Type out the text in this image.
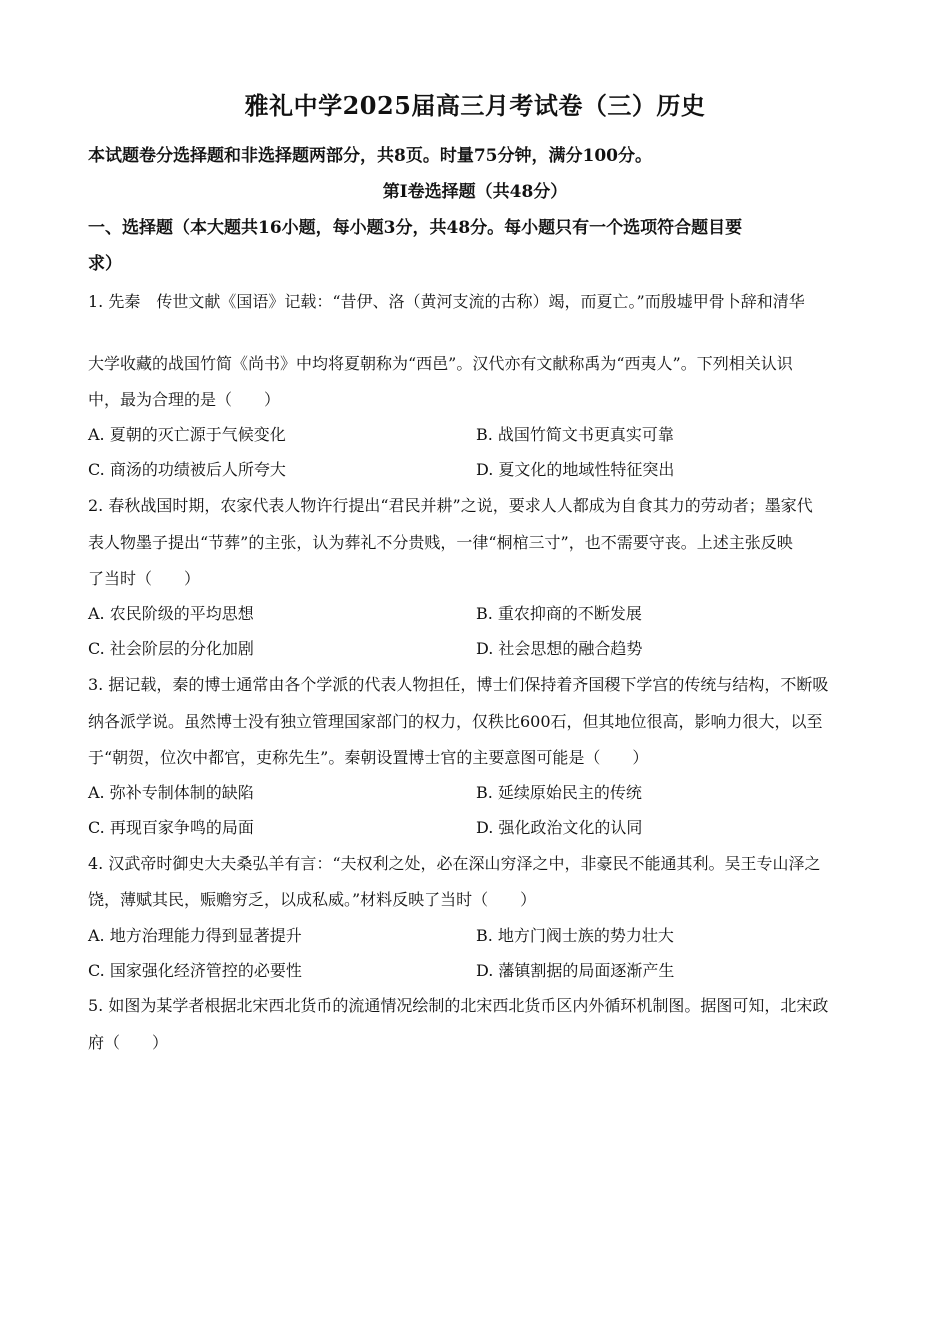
雅礼中学2025届高三月考试卷（三）历史
本试题卷分选择题和非选择题两部分，共8页。时量75分钟，满分100分。
第Ⅰ卷选择题（共48分）
一、选择题（本大题共16小题，每小题3分，共48分。每小题只有一个选项符合题目要
求）
1. 先秦　传世文献《国语》记载：“昔伊、洛（黄河支流的古称）竭，而夏亡。”而殷墟甲骨卜辞和清华
大学收藏的战国竹简《尚书》中均将夏朝称为“西邑”。汉代亦有文献称禹为“西夷人”。下列相关认识
中，最为合理的是（　　）
A. 夏朝的灭亡源于气候变化	B. 战国竹简文书更真实可靠
C. 商汤的功绩被后人所夸大	D. 夏文化的地域性特征突出
2. 春秋战国时期，农家代表人物许行提出“君民并耕”之说，要求人人都成为自食其力的劳动者；墨家代
表人物墨子提出“节葬”的主张，认为葬礼不分贵贱，一律“桐棺三寸”，也不需要守丧。上述主张反映
了当时（　　）
A. 农民阶级的平均思想	B. 重农抑商的不断发展
C. 社会阶层的分化加剧	D. 社会思想的融合趋势
3. 据记载，秦的博士通常由各个学派的代表人物担任，博士们保持着齐国稷下学宫的传统与结构，不断吸
纳各派学说。虽然博士没有独立管理国家部门的权力，仅秩比600石，但其地位很高，影响力很大，以至
于“朝贺，位次中都官，吏称先生”。秦朝设置博士官的主要意图可能是（　　）
A. 弥补专制体制的缺陷	B. 延续原始民主的传统
C. 再现百家争鸣的局面	D. 强化政治文化的认同
4. 汉武帝时御史大夫桑弘羊有言：“夫权利之处，必在深山穷泽之中，非豪民不能通其利。吴王专山泽之
饶，薄赋其民，赈赡穷乏，以成私威。”材料反映了当时（　　）
A. 地方治理能力得到显著提升	B. 地方门阀士族的势力壮大
C. 国家强化经济管控的必要性	D. 藩镇割据的局面逐渐产生
5. 如图为某学者根据北宋西北货币的流通情况绘制的北宋西北货币区内外循环机制图。据图可知，北宋政
府（　　）
